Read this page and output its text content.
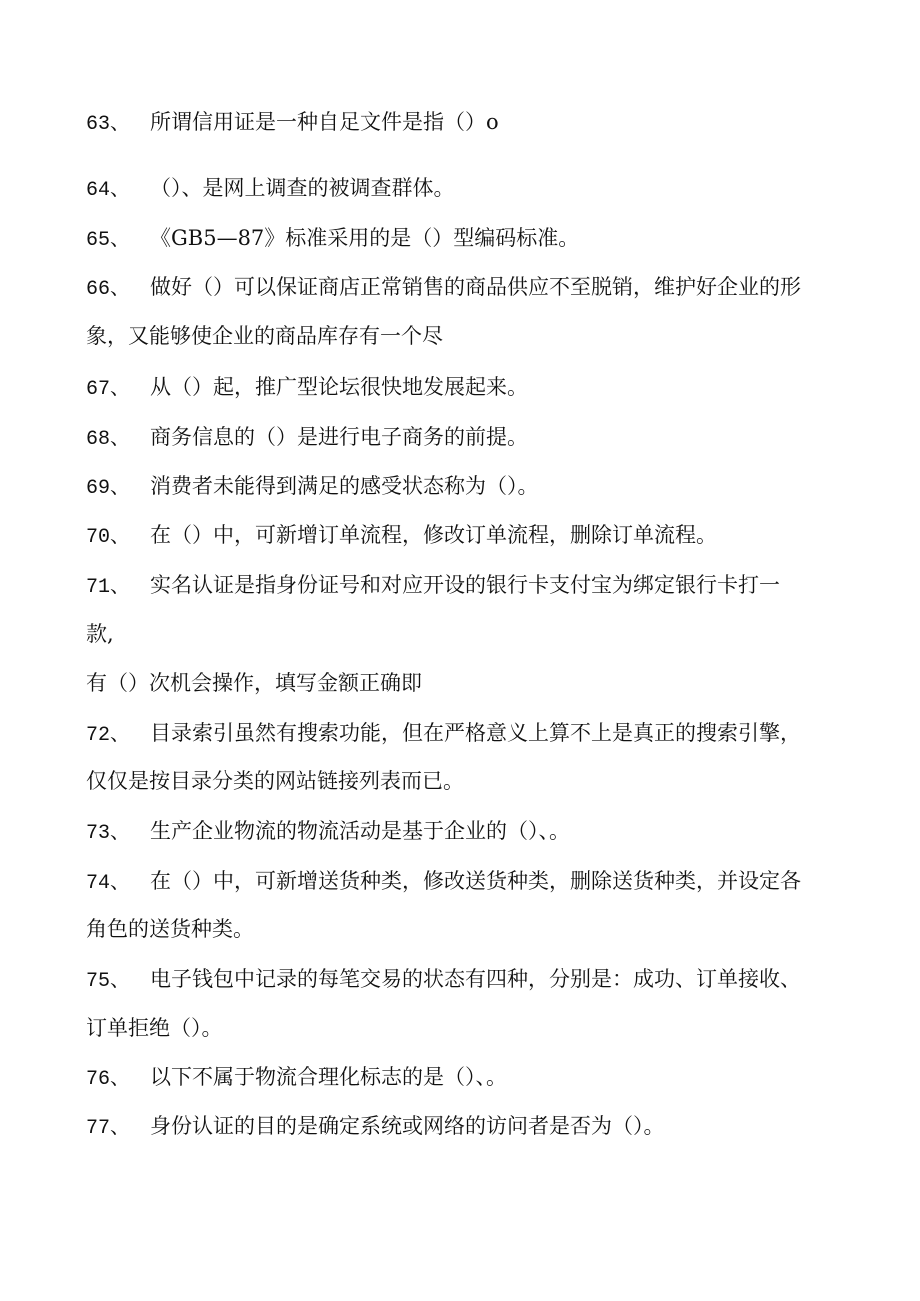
63、 所谓信用证是一种自足文件是指（）o
64、 （）、是网上调查的被调查群体。
65、 《GB5—87》标准采用的是（）型编码标准。
66、 做好（）可以保证商店正常销售的商品供应不至脱销，维护好企业的形
象，又能够使企业的商品库存有一个尽
67、 从（）起，推广型论坛很快地发展起来。
68、 商务信息的（）是进行电子商务的前提。
69、 消费者未能得到满足的感受状态称为（）。
70、 在（）中，可新增订单流程，修改订单流程，删除订单流程。
71、 实名认证是指身份证号和对应开设的银行卡支付宝为绑定银行卡打一
款,
有（）次机会操作，填写金额正确即
72、 目录索引虽然有搜索功能，但在严格意义上算不上是真正的搜索引擎，
仅仅是按目录分类的网站链接列表而已。
73、 生产企业物流的物流活动是基于企业的（）、。
74、 在（）中，可新增送货种类，修改送货种类，删除送货种类，并设定各
角色的送货种类。
75、 电子钱包中记录的每笔交易的状态有四种，分别是：成功、订单接收、
订单拒绝（）。
76、 以下不属于物流合理化标志的是（）、。
77、 身份认证的目的是确定系统或网络的访问者是否为（）。
